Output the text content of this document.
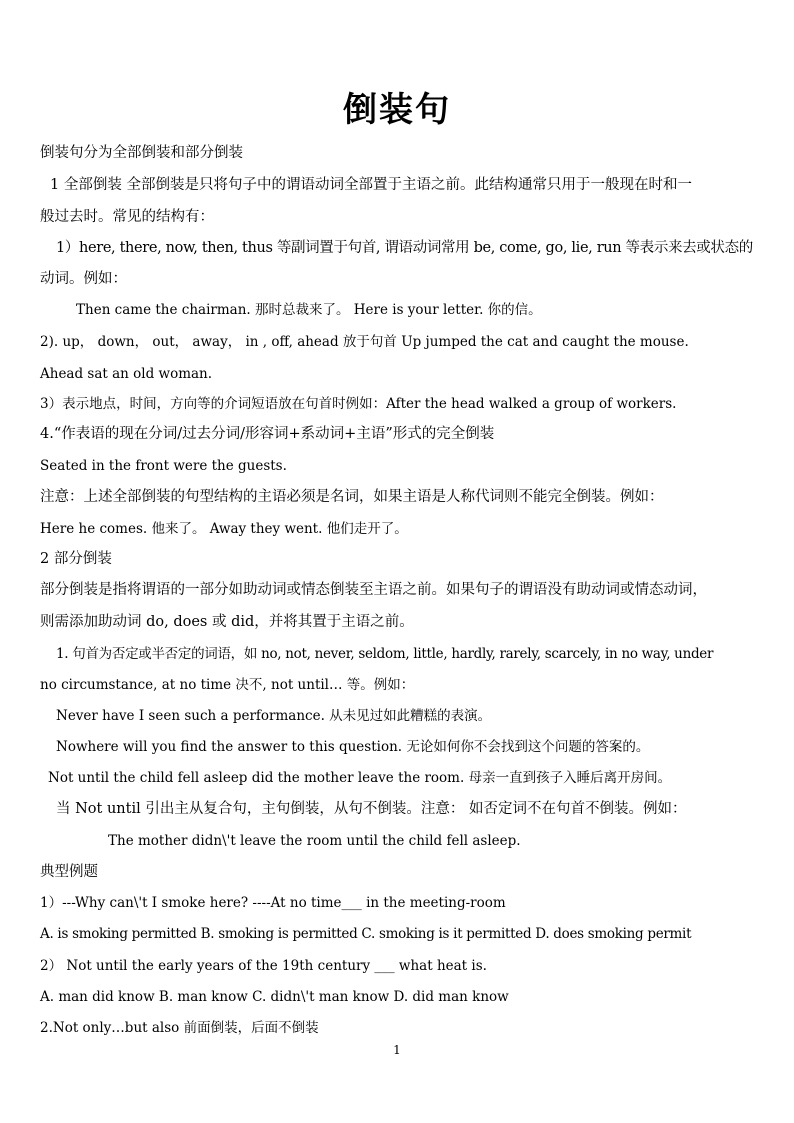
倒装句
倒装句分为全部倒装和部分倒装
1 全部倒装 全部倒装是只将句子中的谓语动词全部置于主语之前。此结构通常只用于一般现在时和一
般过去时。常见的结构有：
1）here, there, now, then, thus 等副词置于句首, 谓语动词常用 be, come, go, lie, run 等表示来去或状态的
动词。例如：
Then came the chairman. 那时总裁来了。 Here is your letter. 你的信。
2). up， down， out， away， in , off, ahead 放于句首 Up jumped the cat and caught the mouse.
Ahead sat an old woman.
3）表示地点，时间，方向等的介词短语放在句首时例如：After the head walked a group of workers.
4.“作表语的现在分词/过去分词/形容词+系动词+主语”形式的完全倒装
Seated in the front were the guests.
注意：上述全部倒装的句型结构的主语必须是名词，如果主语是人称代词则不能完全倒装。例如：
Here he comes. 他来了。 Away they went. 他们走开了。
2 部分倒装
部分倒装是指将谓语的一部分如助动词或情态倒装至主语之前。如果句子的谓语没有助动词或情态动词，
则需添加助动词 do, does 或 did，并将其置于主语之前。
1. 句首为否定或半否定的词语，如 no, not, never, seldom, little, hardly, rarely, scarcely, in no way, under
no circumstance, at no time 决不, not until… 等。例如：
Never have I seen such a performance. 从未见过如此糟糕的表演。
Nowhere will you find the answer to this question. 无论如何你不会找到这个问题的答案的。
Not until the child fell asleep did the mother leave the room. 母亲一直到孩子入睡后离开房间。
当 Not until 引出主从复合句，主句倒装，从句不倒装。注意： 如否定词不在句首不倒装。例如：
The mother didn\'t leave the room until the child fell asleep.
典型例题
1）---Why can\'t I smoke here? ----At no time___ in the meeting-room
A. is smoking permitted B. smoking is permitted C. smoking is it permitted D. does smoking permit
2） Not until the early years of the 19th century ___ what heat is.
A. man did know B. man know C. didn\'t man know D. did man know
2.Not only…but also 前面倒装，后面不倒装
1
